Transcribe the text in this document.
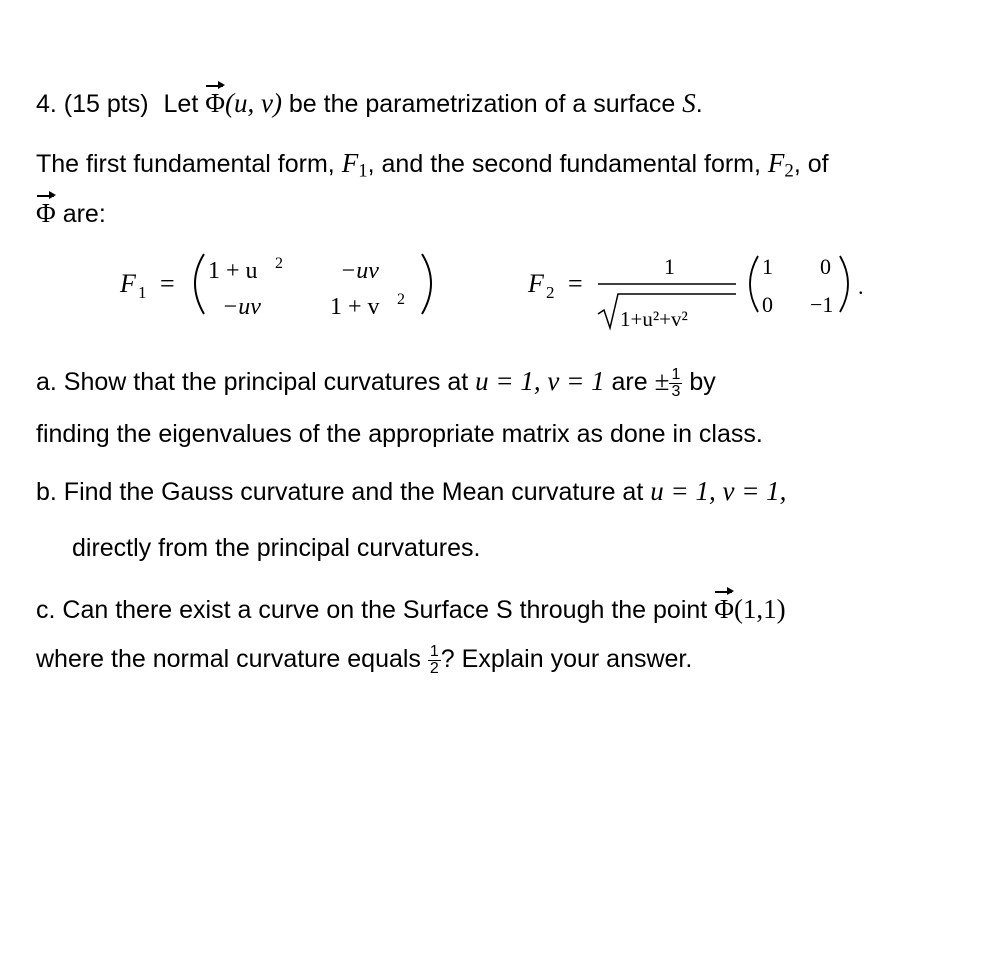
4. (15 pts) Let Φ(u, v) be the parametrization of a surface S.
The first fundamental form, $F_1$, and the second fundamental form, $F_2$, of
Φ are:
F 1 = 1 + u 2 −uv
−uv	1 + v 2
F 2 =
1
1+u²+v²
1 0
0 −1
.
a. Show that the principal curvatures at u = 1, v = 1 are ± $\frac{1}{3}$ by
finding the eigenvalues of the appropriate matrix as done in class.
b. Find the Gauss curvature and the Mean curvature at u = 1, v = 1,
directly from the principal curvatures.
c. Can there exist a curve on the Surface S through the point Φ(1,1)
where the normal curvature equals $\frac{1}{2}$ ? Explain your answer.
